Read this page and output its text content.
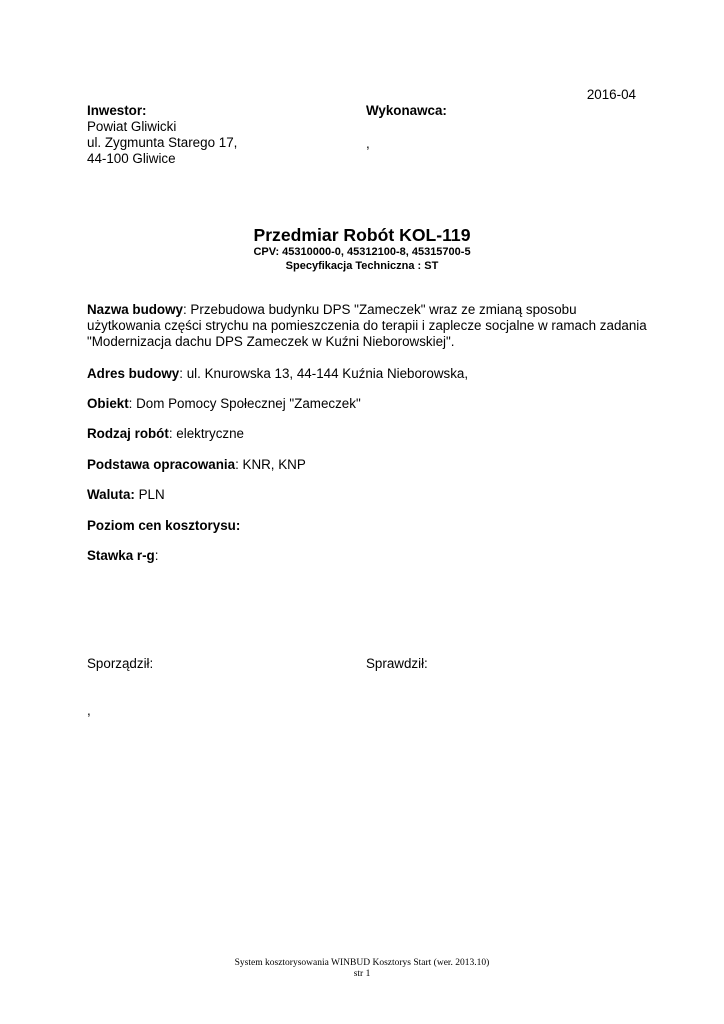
2016-04
Inwestor:
Powiat Gliwicki
ul. Zygmunta Starego 17,
44-100 Gliwice
Wykonawca:
,
Przedmiar Robót KOL-119
CPV: 45310000-0, 45312100-8, 45315700-5
Specyfikacja Techniczna : ST
Nazwa budowy: Przebudowa budynku DPS "Zameczek" wraz ze zmianą sposobu
użytkowania części strychu na pomieszczenia do terapii i zaplecze socjalne w ramach zadania
"Modernizacja dachu DPS Zameczek w Kuźni Nieborowskiej".
Adres budowy: ul. Knurowska 13, 44-144 Kuźnia Nieborowska,
Obiekt: Dom Pomocy Społecznej "Zameczek"
Rodzaj robót: elektryczne
Podstawa opracowania: KNR, KNP
Waluta: PLN
Poziom cen kosztorysu:
Stawka r-g:
Sporządził:	Sprawdził:
,
System kosztorysowania WINBUD Kosztorys Start (wer. 2013.10)
str 1
